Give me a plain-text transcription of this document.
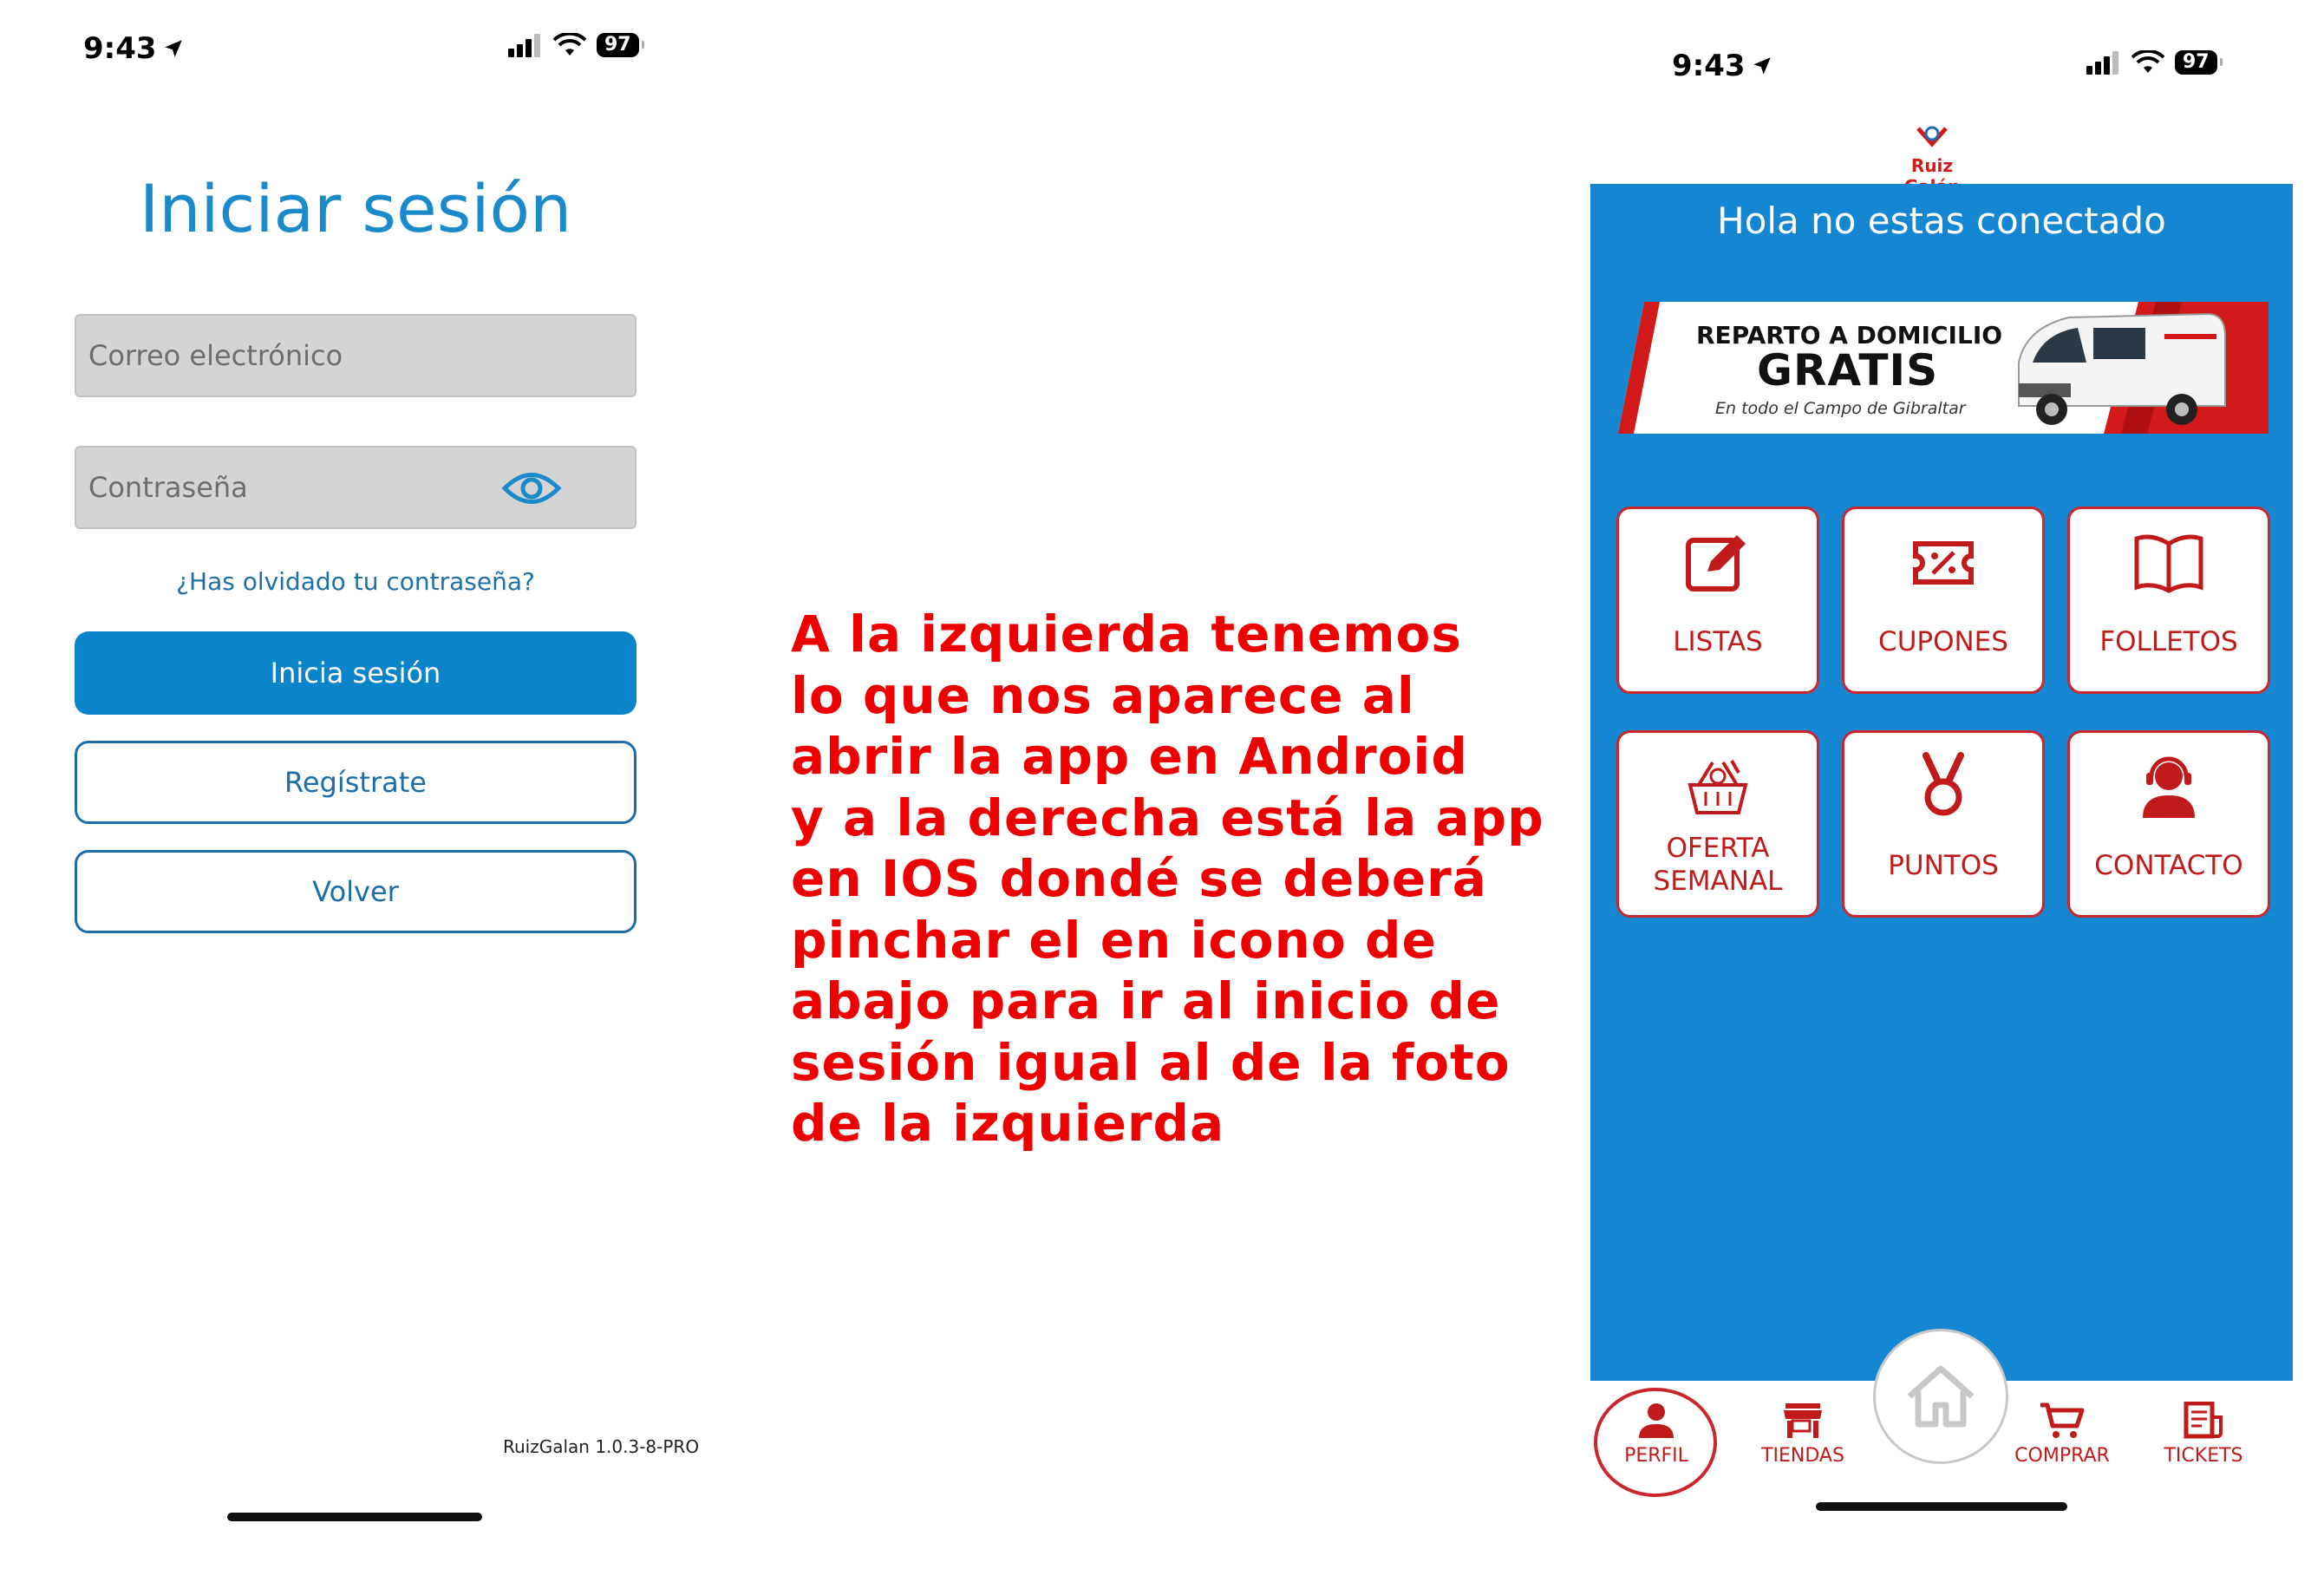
9:43	97
Iniciar sesión
Correo electrónico
Contraseña
¿Has olvidado tu contraseña?
Inicia sesión
Regístrate
Volver
RuizGalan 1.0.3-8-PRO
A la izquierda tenemos
lo que nos aparece al
abrir la app en Android
y a la derecha está la app
en IOS dondé se deberá
pinchar el en icono de
abajo para ir al inicio de
sesión igual al de la foto
de la izquierda
9:43	97
Ruiz
Hola no estas conectado
REPARTO A DOMICILIO
GRATIS
En todo el Campo de Gibraltar
LISTAS	CUPONES	FOLLETOS
OFERTA
SEMANAL	PUNTOS	CONTACTO
PERFIL	TIENDAS	COMPRAR	TICKETS
